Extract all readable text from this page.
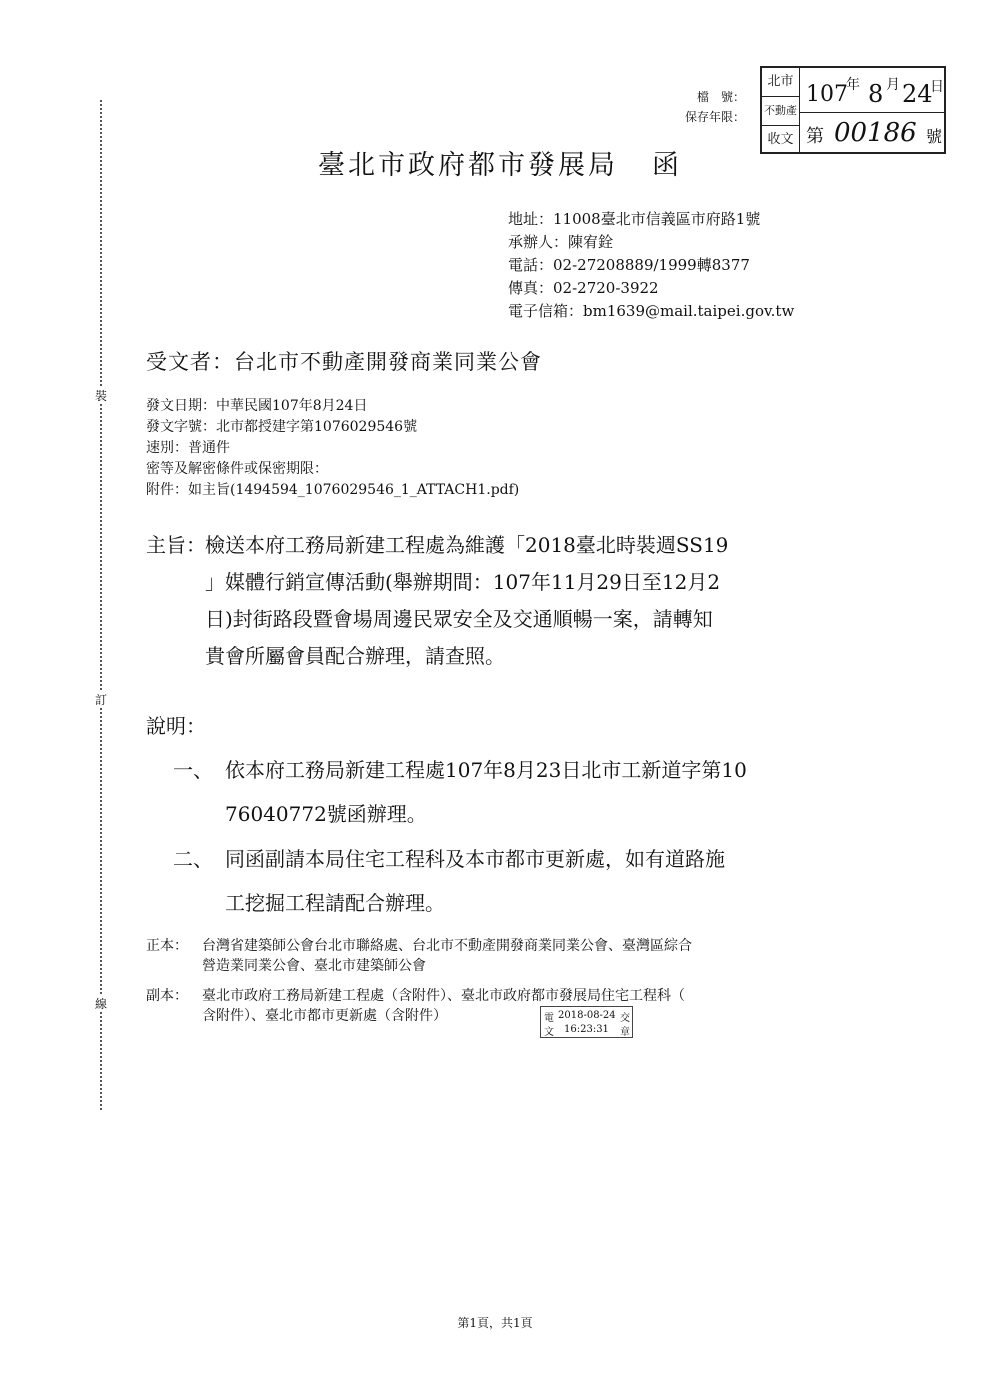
裝
訂
線
檔　號：
保存年限：
北市
不動產
收文
107
年 8 月 24
日
第 00186 號
臺北市政府都市發展局 函
地址：11008臺北市信義區市府路1號
承辦人：陳宥銓
電話：02-27208889/1999轉8377
傳真：02-2720-3922
電子信箱：bm1639@mail.taipei.gov.tw
受文者：台北市不動產開發商業同業公會
發文日期：中華民國107年8月24日
發文字號：北市都授建字第1076029546號
速別：普通件
密等及解密條件或保密期限：
附件：如主旨(1494594_1076029546_1_ATTACH1.pdf)
主旨： 檢送本府工務局新建工程處為維護「2018臺北時裝週SS19
」媒體行銷宣傳活動(舉辦期間：107年11月29日至12月2
日)封街路段暨會場周邊民眾安全及交通順暢一案，請轉知
貴會所屬會員配合辦理，請查照。
說明：
一、 依本府工務局新建工程處107年8月23日北市工新道字第10
76040772號函辦理。
二、 同函副請本局住宅工程科及本市都市更新處，如有道路施
工挖掘工程請配合辦理。
正本： 台灣省建築師公會台北市聯絡處、台北市不動產開發商業同業公會、臺灣區綜合
營造業同業公會、臺北市建築師公會
副本： 臺北市政府工務局新建工程處（含附件）、臺北市政府都市發展局住宅工程科（
含附件）、臺北市都市更新處（含附件）	電
文
2018-08-24
16:23:31
交
章
第1頁，共1頁
